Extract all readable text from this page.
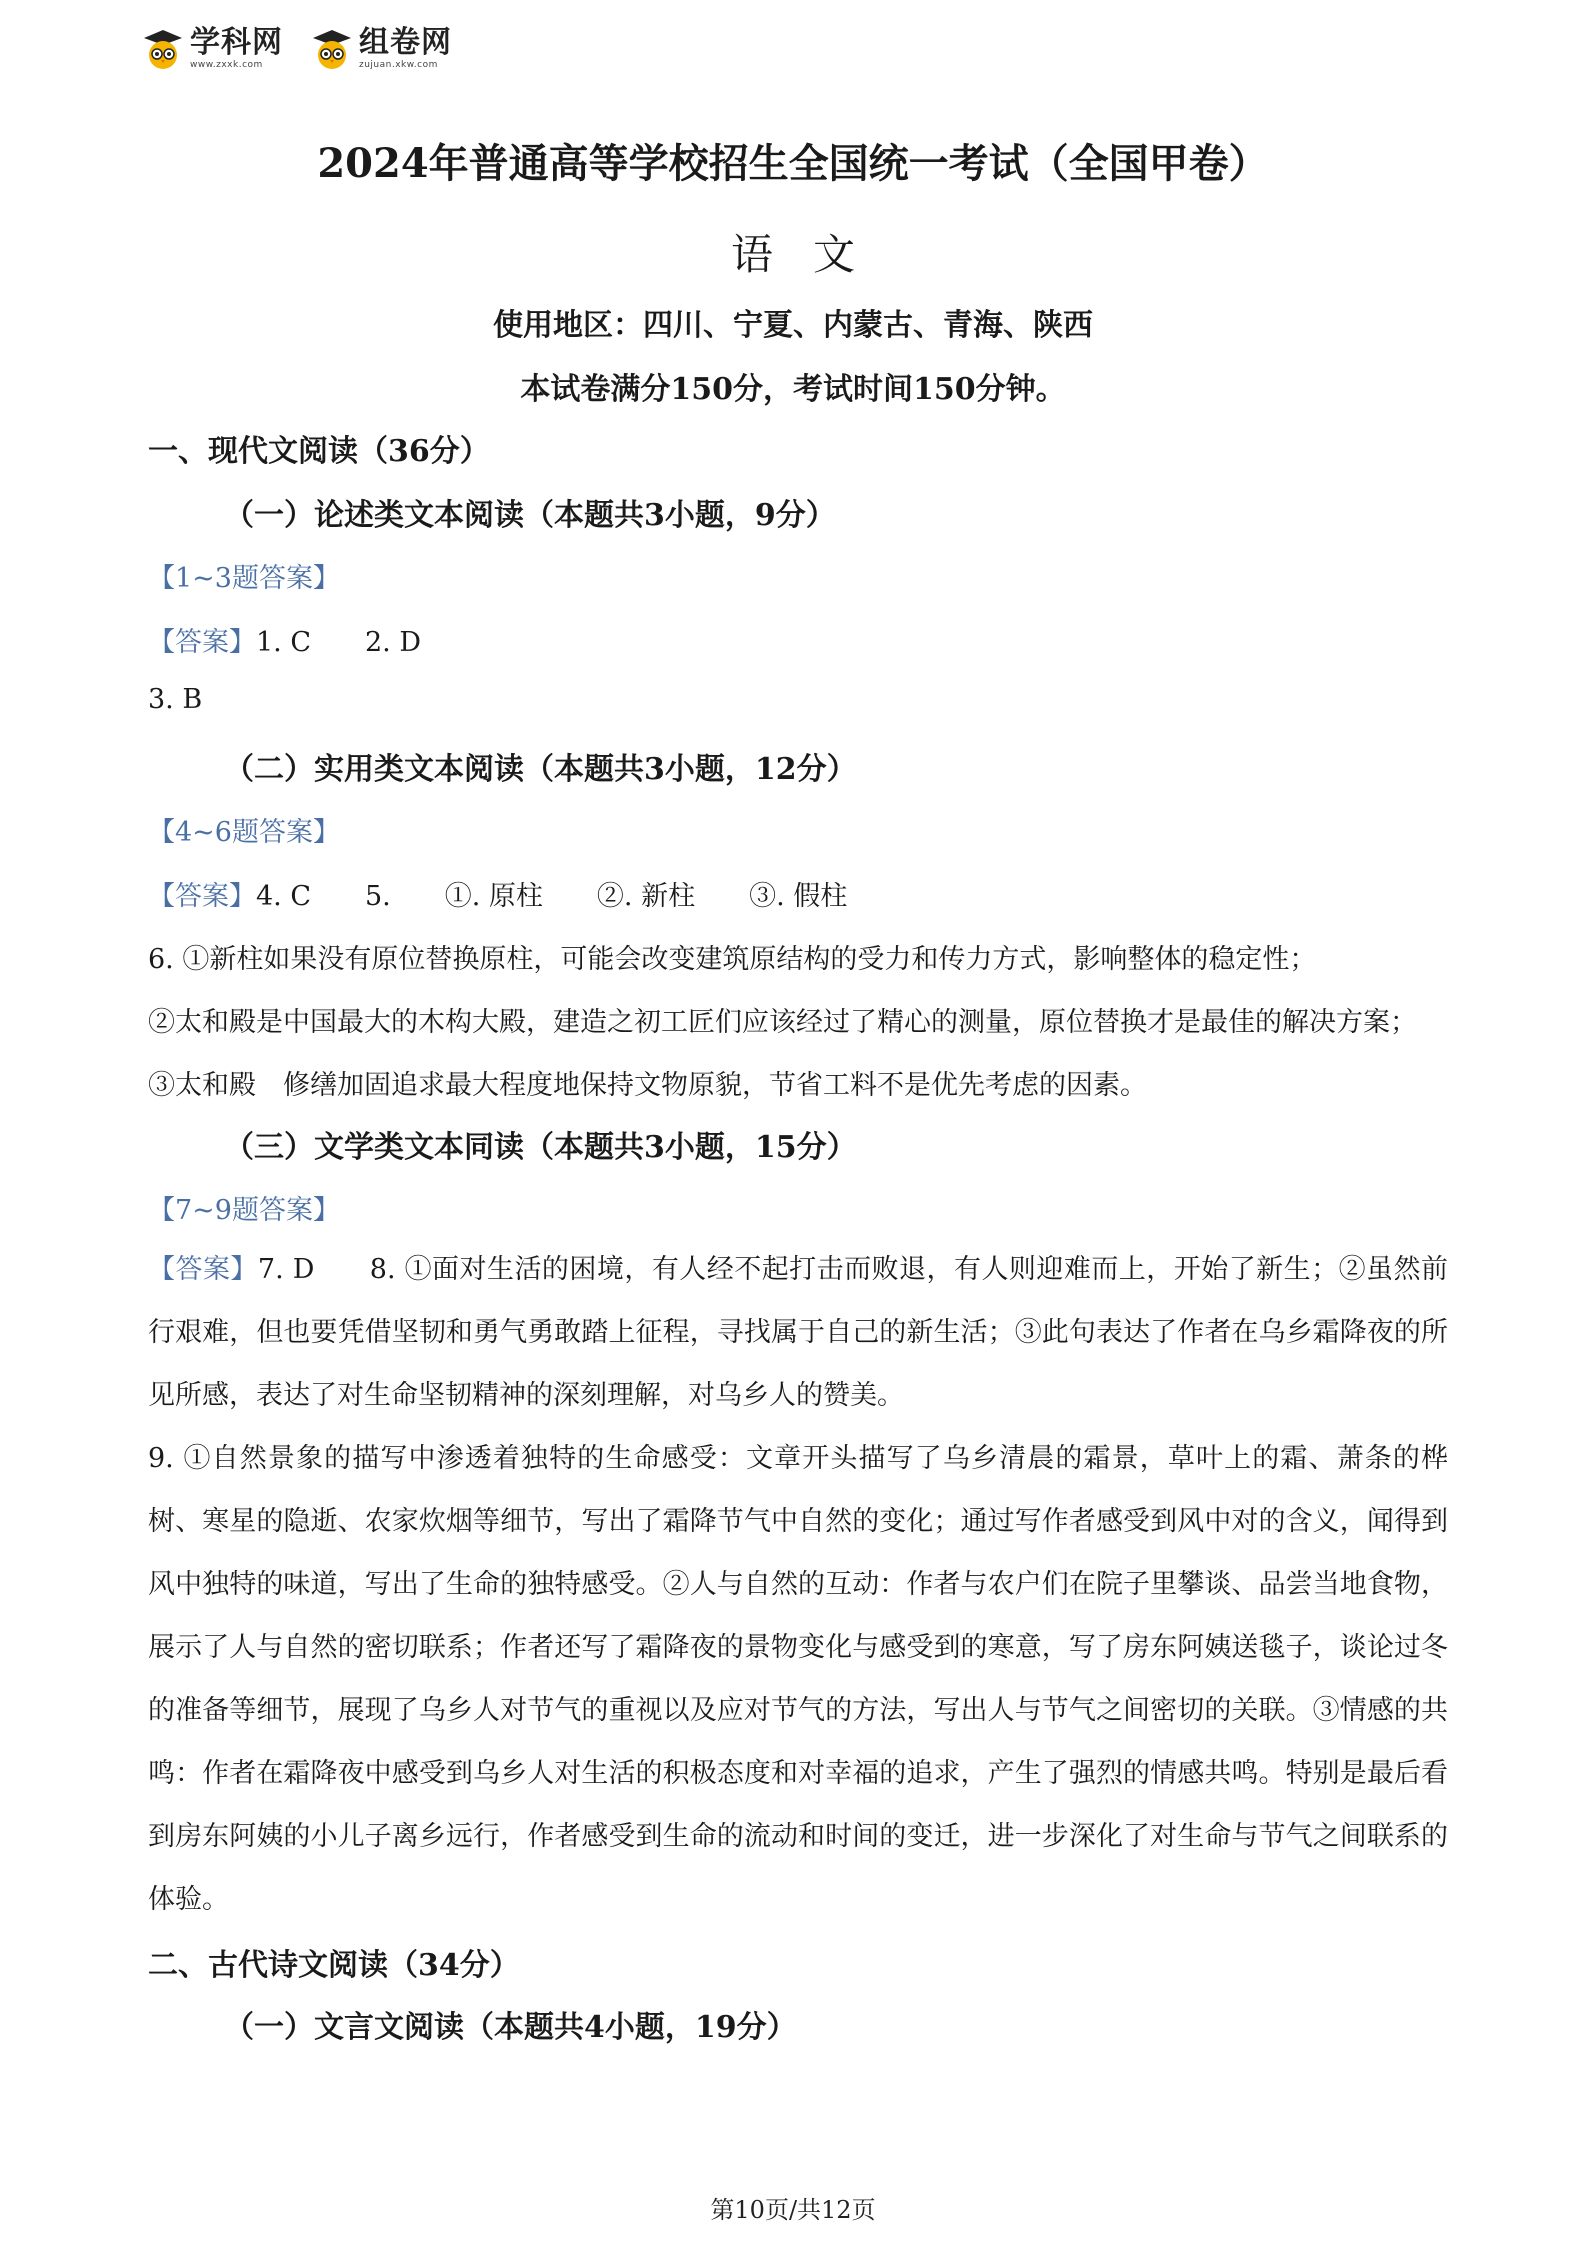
学科网
www.zxxk.com
组卷网
zujuan.xkw.com
2024年普通高等学校招生全国统一考试（全国甲卷）
语文
使用地区：四川、宁夏、内蒙古、青海、陕西
本试卷满分150分，考试时间150分钟。
一、现代文阅读（36分）
（一）论述类文本阅读（本题共3小题，9分）
【1~3题答案】
【答案】1. C　　2. D
3. B
（二）实用类文本阅读（本题共3小题，12分）
【4~6题答案】
【答案】4. C　　5.　　①. 原柱　　②. 新柱　　③. 假柱
6. ①新柱如果没有原位替换原柱，可能会改变建筑原结构的受力和传力方式，影响整体的稳定性；
②太和殿是中国最大的木构大殿，建造之初工匠们应该经过了精心的测量，原位替换才是最佳的解决方案；
③太和殿　修缮加固追求最大程度地保持文物原貌，节省工料不是优先考虑的因素。
（三）文学类文本同读（本题共3小题，15分）
【7~9题答案】
【答案】7. D　　8. ①面对生活的困境，有人经不起打击而败退，有人则迎难而上，开始了新生；②虽然前行艰难，但也要凭借坚韧和勇气勇敢踏上征程，寻找属于自己的新生活；③此句表达了作者在乌乡霜降夜的所见所感，表达了对生命坚韧精神的深刻理解，对乌乡人的赞美。
9. ①自然景象的描写中渗透着独特的生命感受：文章开头描写了乌乡清晨的霜景，草叶上的霜、萧条的桦树、寒星的隐逝、农家炊烟等细节，写出了霜降节气中自然的变化；通过写作者感受到风中对的含义，闻得到风中独特的味道，写出了生命的独特感受。②人与自然的互动：作者与农户们在院子里攀谈、品尝当地食物，展示了人与自然的密切联系；作者还写了霜降夜的景物变化与感受到的寒意，写了房东阿姨送毯子，谈论过冬的准备等细节，展现了乌乡人对节气的重视以及应对节气的方法，写出人与节气之间密切的关联。③情感的共鸣：作者在霜降夜中感受到乌乡人对生活的积极态度和对幸福的追求，产生了强烈的情感共鸣。特别是最后看到房东阿姨的小儿子离乡远行，作者感受到生命的流动和时间的变迁，进一步深化了对生命与节气之间联系的体验。
二、古代诗文阅读（34分）
（一）文言文阅读（本题共4小题，19分）
第10页/共12页
